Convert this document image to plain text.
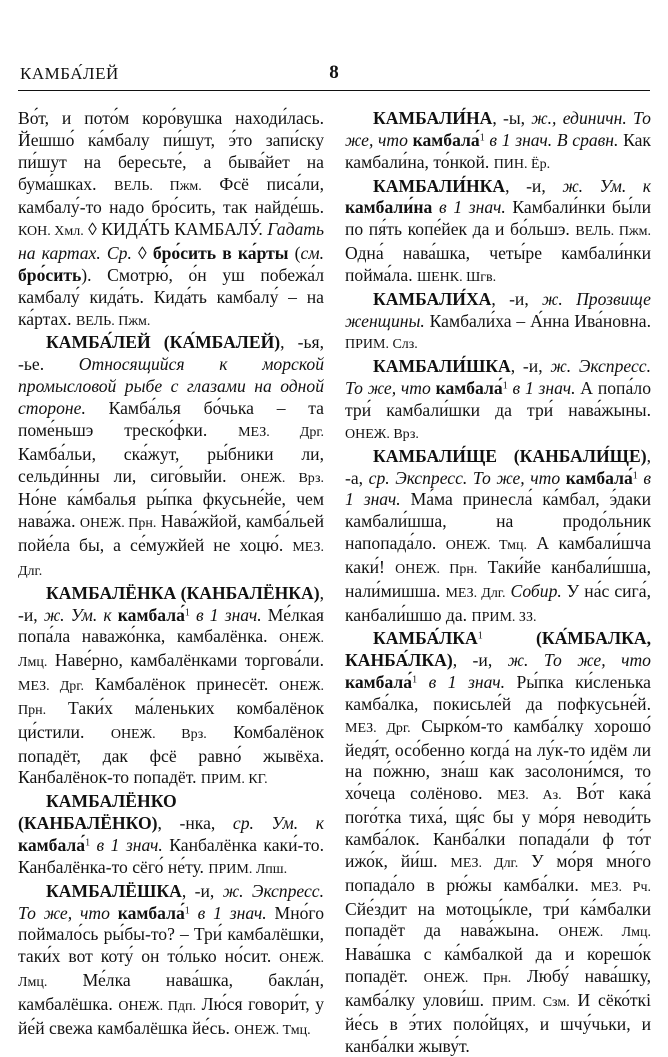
КАМБА́ЛЕЙ	8

Во́т, и пото́м коро́вушка находи́лась. Йешшо́ ка́мбалу пи́шут, э́то запи́ску пи́шут на бересьте́, а быва́йет на бума́шках. ВЕЛЬ. Пжм. Фсё писа́ли, камбалу́-то надо бро́сить, так найде́шь. КОН. Хмл. ◊ КИДА́ТЬ КАМБАЛУ́. Гадать на картах. Ср. ◊ бро́сить в ка́рты (см. бро́сить). Смотрю́, о́н уш побежа́л камбалу́ кида́ть. Кида́ть камбалу́ – на ка́ртах. ВЕЛЬ. Пжм.

КАМБА́ЛЕЙ (КА́МБАЛЕЙ), -ья, -ье. Относящийся к морской промысловой рыбе с глазами на одной стороне. Камба́лья бо́чька – та поме́ньшэ треско́фки. МЕЗ. Дрг. Камба́льи, ска́жут, ры́бники ли, сельди́нны ли, сиго́выйи. ОНЕЖ. Врз. Но́не ка́мбалья ры́пка фкусьне́йе, чем нава́жа. ОНЕЖ. Прн. Нава́жйой, камба́льей пойе́ла бы, а се́мужйей не хоцю́. МЕЗ. Длг.

КАМБАЛЁНКА (КАНБАЛЁНКА), -и, ж. Ум. к камбала́$^1$ в 1 знач. Ме́лкая попа́ла наважо́нка, камбалёнка. ОНЕЖ. Лмц. Наве́рно, камбалёнками торгова́ли. МЕЗ. Дрг. Камбалёнок принесёт. ОНЕЖ. Прн. Таки́х ма́леньких комбалёнок ци́стили. ОНЕЖ. Врз. Комбалёнок попадёт, дак фсё равно́ жывёха. Канбалёнок-то попадёт. ПРИМ. КГ.

КАМБАЛЁНКО (КАНБАЛЁНКО), -нка, ср. Ум. к камбала́$^1$ в 1 знач. Канбалёнка каки́-то. Канбалёнка-то сёго́ не́ту. ПРИМ. Лпш.

КАМБАЛЁШКА, -и, ж. Экспресс. То же, что камбала́$^1$ в 1 знач. Мно́го поймало́сь ры́бы-то? – Три́ камбалёшки, таки́х вот коту́ он то́лько но́сит. ОНЕЖ. Лмц. Ме́лка нава́шка, бакла́н, камбалёшка. ОНЕЖ. Пдп. Лю́ся говори́т, у йе́й свежа камбалёшка йе́сь. ОНЕЖ. Тмц.

КАМБАЛИ́НА, -ы, ж., единичн. То же, что камбала́$^1$ в 1 знач. В сравн. Как камбали́на, то́нкой. ПИН. Ёр.

КАМБАЛИ́НКА, -и, ж. Ум. к камбали́на в 1 знач. Камбали́нки бы́ли по пя́ть копе́йек да и бо́льшэ. ВЕЛЬ. Пжм. Одна́ нава́шка, четы́ре камбали́нки пойма́ла. ШЕНК. Шгв.

КАМБАЛИ́ХА, -и, ж. Прозвище женщины. Камбали́ха – А́нна Ива́новна. ПРИМ. Слз.

КАМБАЛИ́ШКА, -и, ж. Экспресс. То же, что камбала́$^1$ в 1 знач. А попа́ло три́ камбали́шки да три́ нава́жыны. ОНЕЖ. Врз.

КАМБАЛИ́ЩЕ (КАНБАЛИ́ЩЕ), -а, ср. Экспресс. То же, что камбала́$^1$ в 1 знач. Ма́ма принесла́ ка́мбал, э́даки камбали́шша, на продо́льник напопада́ло. ОНЕЖ. Тмц. А камбали́шча каки́! ОНЕЖ. Прн. Таки́йе канбали́шша, нали́мишша. МЕЗ. Длг. Собир. У на́с сига́, канбали́шшо да. ПРИМ. ЗЗ.

КАМБА́ЛКА$^1$	(КА́МБАЛКА, КАНБА́ЛКА), -и, ж. То же, что камбала́$^1$ в 1 знач. Ры́пка ки́сленька камба́лка, покисьле́й да пофкусьне́й. МЕЗ. Дрг. Сырко́м-то камба́лку хорошо́ йедя́т, осо́бенно когда́ на лу́к-то идём ли на по́жню, зна́ш как засолони́мся, то хо́чеца солёново. МЕЗ. Аз. Во́т кака́ поrо́тка тиха́, щя́с бы у мо́ря неводи́ть камба́лок. Канба́лки попада́ли ф то́т ижо́к, йи́ш. МЕЗ. Длг. У мо́ря мно́го попада́ло в рю́жы камба́лки. МЕЗ. Рч. Сйе́здит на мотоцы́кле, три́ ка́мбалки попадёт да нава́жына. ОНЕЖ. Лмц. Нава́шка с ка́мбалкой да и корешо́к попадёт. ОНЕЖ. Прн. Любу́ нава́шку, камба́лку улови́ш. ПРИМ. Сзм. И сёко́ткі йе́сь в э́тих поло́йцях, и шчу́чьки, и канба́лки жыву́т.
